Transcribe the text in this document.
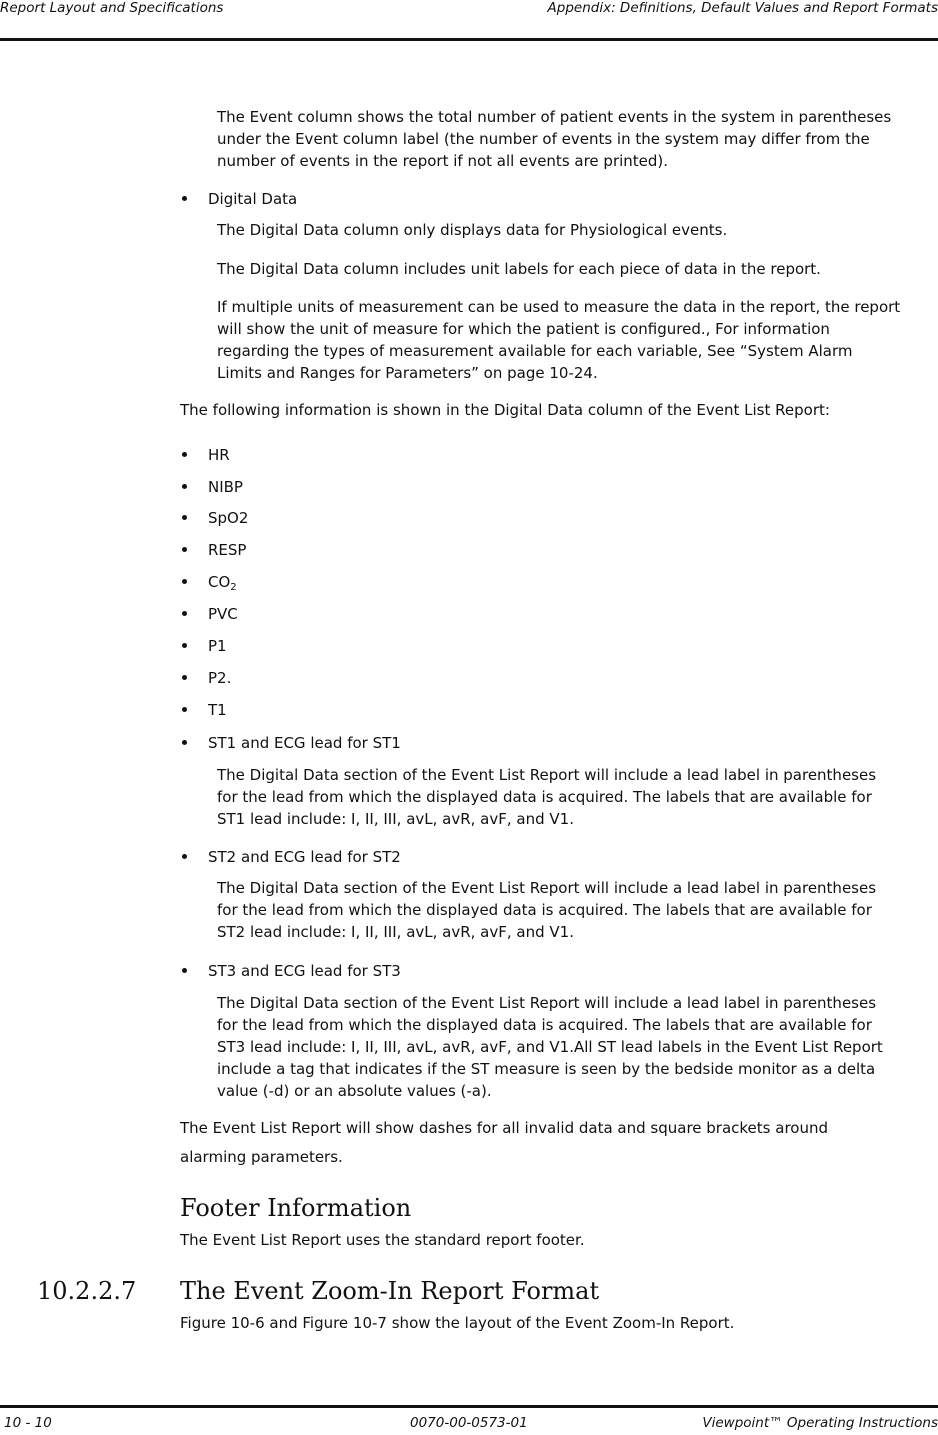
Report Layout and Specifications	Appendix: Definitions, Default Values and Report Formats
The Event column shows the total number of patient events in the system in parentheses
under the Event column label (the number of events in the system may differ from the
number of events in the report if not all events are printed).
Digital Data
The Digital Data column only displays data for Physiological events.
The Digital Data column includes unit labels for each piece of data in the report.
If multiple units of measurement can be used to measure the data in the report, the report
will show the unit of measure for which the patient is configured., For information
regarding the types of measurement available for each variable, See “System Alarm
Limits and Ranges for Parameters” on page 10-24.
The following information is shown in the Digital Data column of the Event List Report:
HR
NIBP
SpO2
RESP
$CO_2$
PVC
P1
P2.
T1
ST1 and ECG lead for ST1
The Digital Data section of the Event List Report will include a lead label in parentheses
for the lead from which the displayed data is acquired. The labels that are available for
ST1 lead include: I, II, III, avL, avR, avF, and V1.
ST2 and ECG lead for ST2
The Digital Data section of the Event List Report will include a lead label in parentheses
for the lead from which the displayed data is acquired. The labels that are available for
ST2 lead include: I, II, III, avL, avR, avF, and V1.
ST3 and ECG lead for ST3
The Digital Data section of the Event List Report will include a lead label in parentheses
for the lead from which the displayed data is acquired. The labels that are available for
ST3 lead include: I, II, III, avL, avR, avF, and V1.All ST lead labels in the Event List Report
include a tag that indicates if the ST measure is seen by the bedside monitor as a delta
value (-d) or an absolute values (-a).
The Event List Report will show dashes for all invalid data and square brackets around
alarming parameters.
Footer Information
The Event List Report uses the standard report footer.
10.2.2.7 The Event Zoom-In Report Format
Figure 10-6 and Figure 10-7 show the layout of the Event Zoom-In Report.
10 - 10	0070-00-0573-01	Viewpoint™ Operating Instructions
